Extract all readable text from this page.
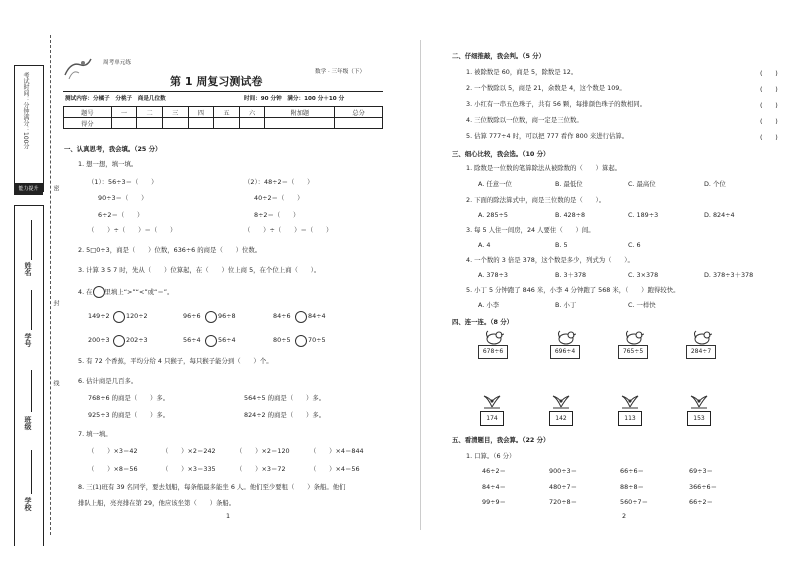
考试时间：分钟满分：100分
能力提升
姓名
学号
班级
学校
密
封
线
周考单元练
数学 · 三年级（下）
第 1 周复习测试卷
测试内容：分橘子　分桃子　商是几位数	时间：90 分钟　满分：100 分＋10 分
题号	一	二	三	四	五	六	附加题	总分
得分								
一、认真思考，我会填。（25 分）
1. 想一想，填一填。
（1）：56÷3＝（　　）
90÷3＝（　　）
6÷2＝（　　）
（　　）÷（　　）＝（　　）
（2）：48÷2＝（　　）
40÷2＝（　　）
8÷2＝（　　）
（　　）÷（　　）＝（　　）
2. 5□0÷3，商是（　　）位数，636÷6 的商是（　　）位数。
3. 计算 3 5 7 时，先从（　　）位算起，在（　　）位上商 5，在个位上商（　　）。
4. 在 里填上“>”“<”或“＝”。
149÷2	120÷2	96÷6	96÷8	84÷6	84÷4
200÷3	202÷3	56÷4	56÷4	80÷5	70÷5
5. 有 72 个香蕉，平均分给 4 只猴子，每只猴子能分到（　　）个。
6. 估计商是几百多。
768÷6 的商是（　　）多。	564÷5 的商是（　　）多。
925÷3 的商是（　　）多。	824÷2 的商是（　　）多。
7. 填一填。
（　　）×3＝42	（　　）×2＝242	（　　）×2＝120	（　　）×4＝844
（　　）×8＝56	（　　）×3＝335	（　　）×3＝72	（　　）×4＝56
8. 三(1)班有 39 名同学，要去划船，每条船最多能坐 6 人。他们至少要租（　　）条船。他们
排队上船，亮亮排在第 29，他应该坐第（　　）条船。
1
二、仔细推敲，我会判。（5 分）
1. 被除数是 60，商是 5，除数是 12。	(　　)
2. 一个数除以 5，商是 21，余数是 4，这个数是 109。	(　　)
3. 小红有一串五色珠子，共有 56 颗，每排颜色珠子的数相同。	(　　)
4. 三位数除以一位数，商一定是三位数。	(　　)
5. 估算 777÷4 时，可以把 777 看作 800 来进行估算。	(　　)
三、细心比较，我会选。（10 分）
1. 除数是一位数的笔算除法从被除数的（　　）算起。
A. 任意一位	B. 最低位	C. 最高位	D. 个位
2. 下面的除法算式中，商是三位数的是（　　）。
A. 285÷5	B. 428÷8	C. 189÷3	D. 824÷4
3. 每 5 人住一间房，24 人要住（　　）间。
A. 4	B. 5	C. 6
4. 一个数的 3 倍是 378，这个数是多少，列式为（　　）。
A. 378÷3	B. 3＋378	C. 3×378	D. 378÷3＋378
5. 小丁 5 分钟跑了 846 米，小李 4 分钟跑了 568 米，（　　）跑得较快。
A. 小李	B. 小丁	C. 一样快
四、连一连。（8 分）
678÷6	696÷4	765÷5	284÷7
174	142	113	153
五、看清题目，我会算。（22 分）
1. 口算。（6 分）
46÷2＝	900÷3＝	66÷6＝	69÷3＝
84÷4＝	480÷7＝	88÷8＝	366÷6＝
99÷9＝	720÷8＝	560÷7＝	66÷2＝
2
